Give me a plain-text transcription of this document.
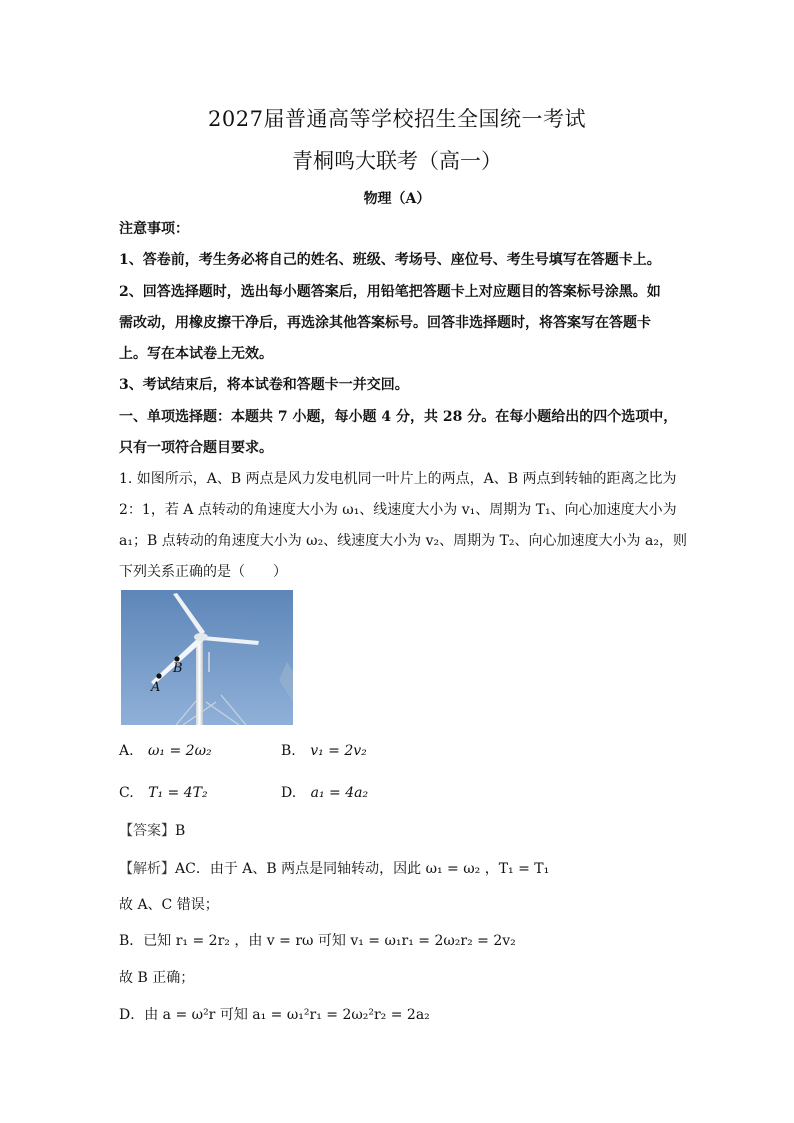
2027届普通高等学校招生全国统一考试
青桐鸣大联考（高一）
物理（A）
注意事项：
1、答卷前，考生务必将自己的姓名、班级、考场号、座位号、考生号填写在答题卡上。
2、回答选择题时，选出每小题答案后，用铅笔把答题卡上对应题目的答案标号涂黑。如
需改动，用橡皮擦干净后，再选涂其他答案标号。回答非选择题时，将答案写在答题卡
上。写在本试卷上无效。
3、考试结束后，将本试卷和答题卡一并交回。
一、单项选择题：本题共 7 小题，每小题 4 分，共 28 分。在每小题给出的四个选项中，
只有一项符合题目要求。
1. 如图所示，A、B 两点是风力发电机同一叶片上的两点，A、B 两点到转轴的距离之比为
2：1，若 A 点转动的角速度大小为 ω₁、线速度大小为 v₁、周期为 T₁、向心加速度大小为
a₁；B 点转动的角速度大小为 ω₂、线速度大小为 v₂、周期为 T₂、向心加速度大小为 a₂，则
下列关系正确的是（　　）
B
A
A. ω₁ = 2ω₂	B. v₁ = 2v₂
C. T₁ = 4T₂	D. a₁ = 4a₂
【答案】B
【解析】AC．由于 A、B 两点是同轴转动，因此 ω₁ = ω₂ ，T₁ = T₁
故 A、C 错误；
B．已知 r₁ = 2r₂ ，由 v = rω 可知 v₁ = ω₁r₁ = 2ω₂r₂ = 2v₂
故 B 正确；
D．由 a = ω²r 可知 a₁ = ω₁²r₁ = 2ω₂²r₂ = 2a₂
